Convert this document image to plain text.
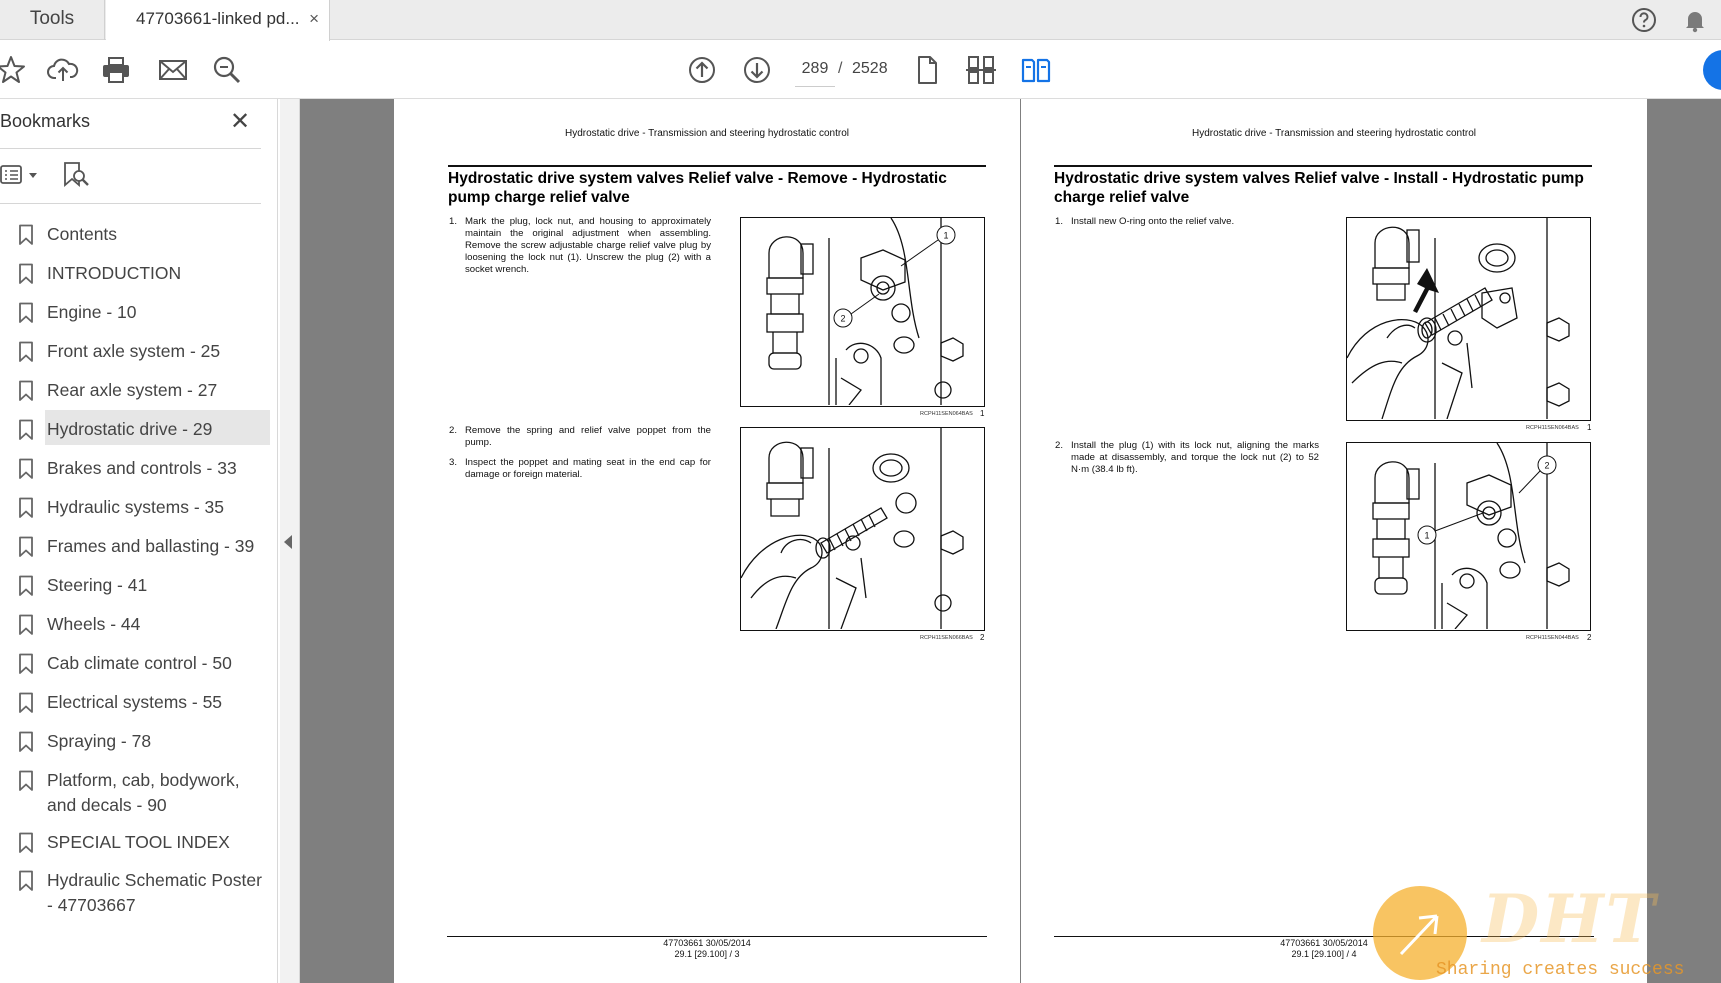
Tools	47703661-linked pd... ×
289 / 2528
Bookmarks	✕
Contents
INTRODUCTION
Engine - 10
Front axle system - 25
Rear axle system - 27
Hydrostatic drive - 29
Brakes and controls - 33
Hydraulic systems - 35
Frames and ballasting - 39
Steering - 41
Wheels - 44
Cab climate control - 50
Electrical systems - 55
Spraying - 78
Platform, cab, bodywork, and decals - 90
SPECIAL TOOL INDEX
Hydraulic Schematic Poster - 47703667
Hydrostatic drive - Transmission and steering hydrostatic control
Hydrostatic drive system valves Relief valve - Remove - Hydrostatic pump charge relief valve
1. Mark the plug, lock nut, and housing to approximately maintain the original adjustment when assembling. Remove the screw adjustable charge relief valve plug by loosening the lock nut (1). Unscrew the plug (2) with a socket wrench.
2. Remove the spring and relief valve poppet from the pump.
3. Inspect the poppet and mating seat in the end cap for damage or foreign material.
1
2
RCPH11SEN064BAS 1
RCPH11SEN066BAS 2
47703661 30/05/2014
29.1 [29.100] / 3
Hydrostatic drive - Transmission and steering hydrostatic control
Hydrostatic drive system valves Relief valve - Install - Hydrostatic pump charge relief valve
1. Install new O-ring onto the relief valve.
2. Install the plug (1) with its lock nut, aligning the marks made at disassembly, and torque the lock nut (2) to 52 N·m (38.4 lb ft).
RCPH11SEN064BAS 1
2
1
RCPH11SEN044BAS 2
47703661 30/05/2014
29.1 [29.100] / 4	DHT
Sharing creates success
